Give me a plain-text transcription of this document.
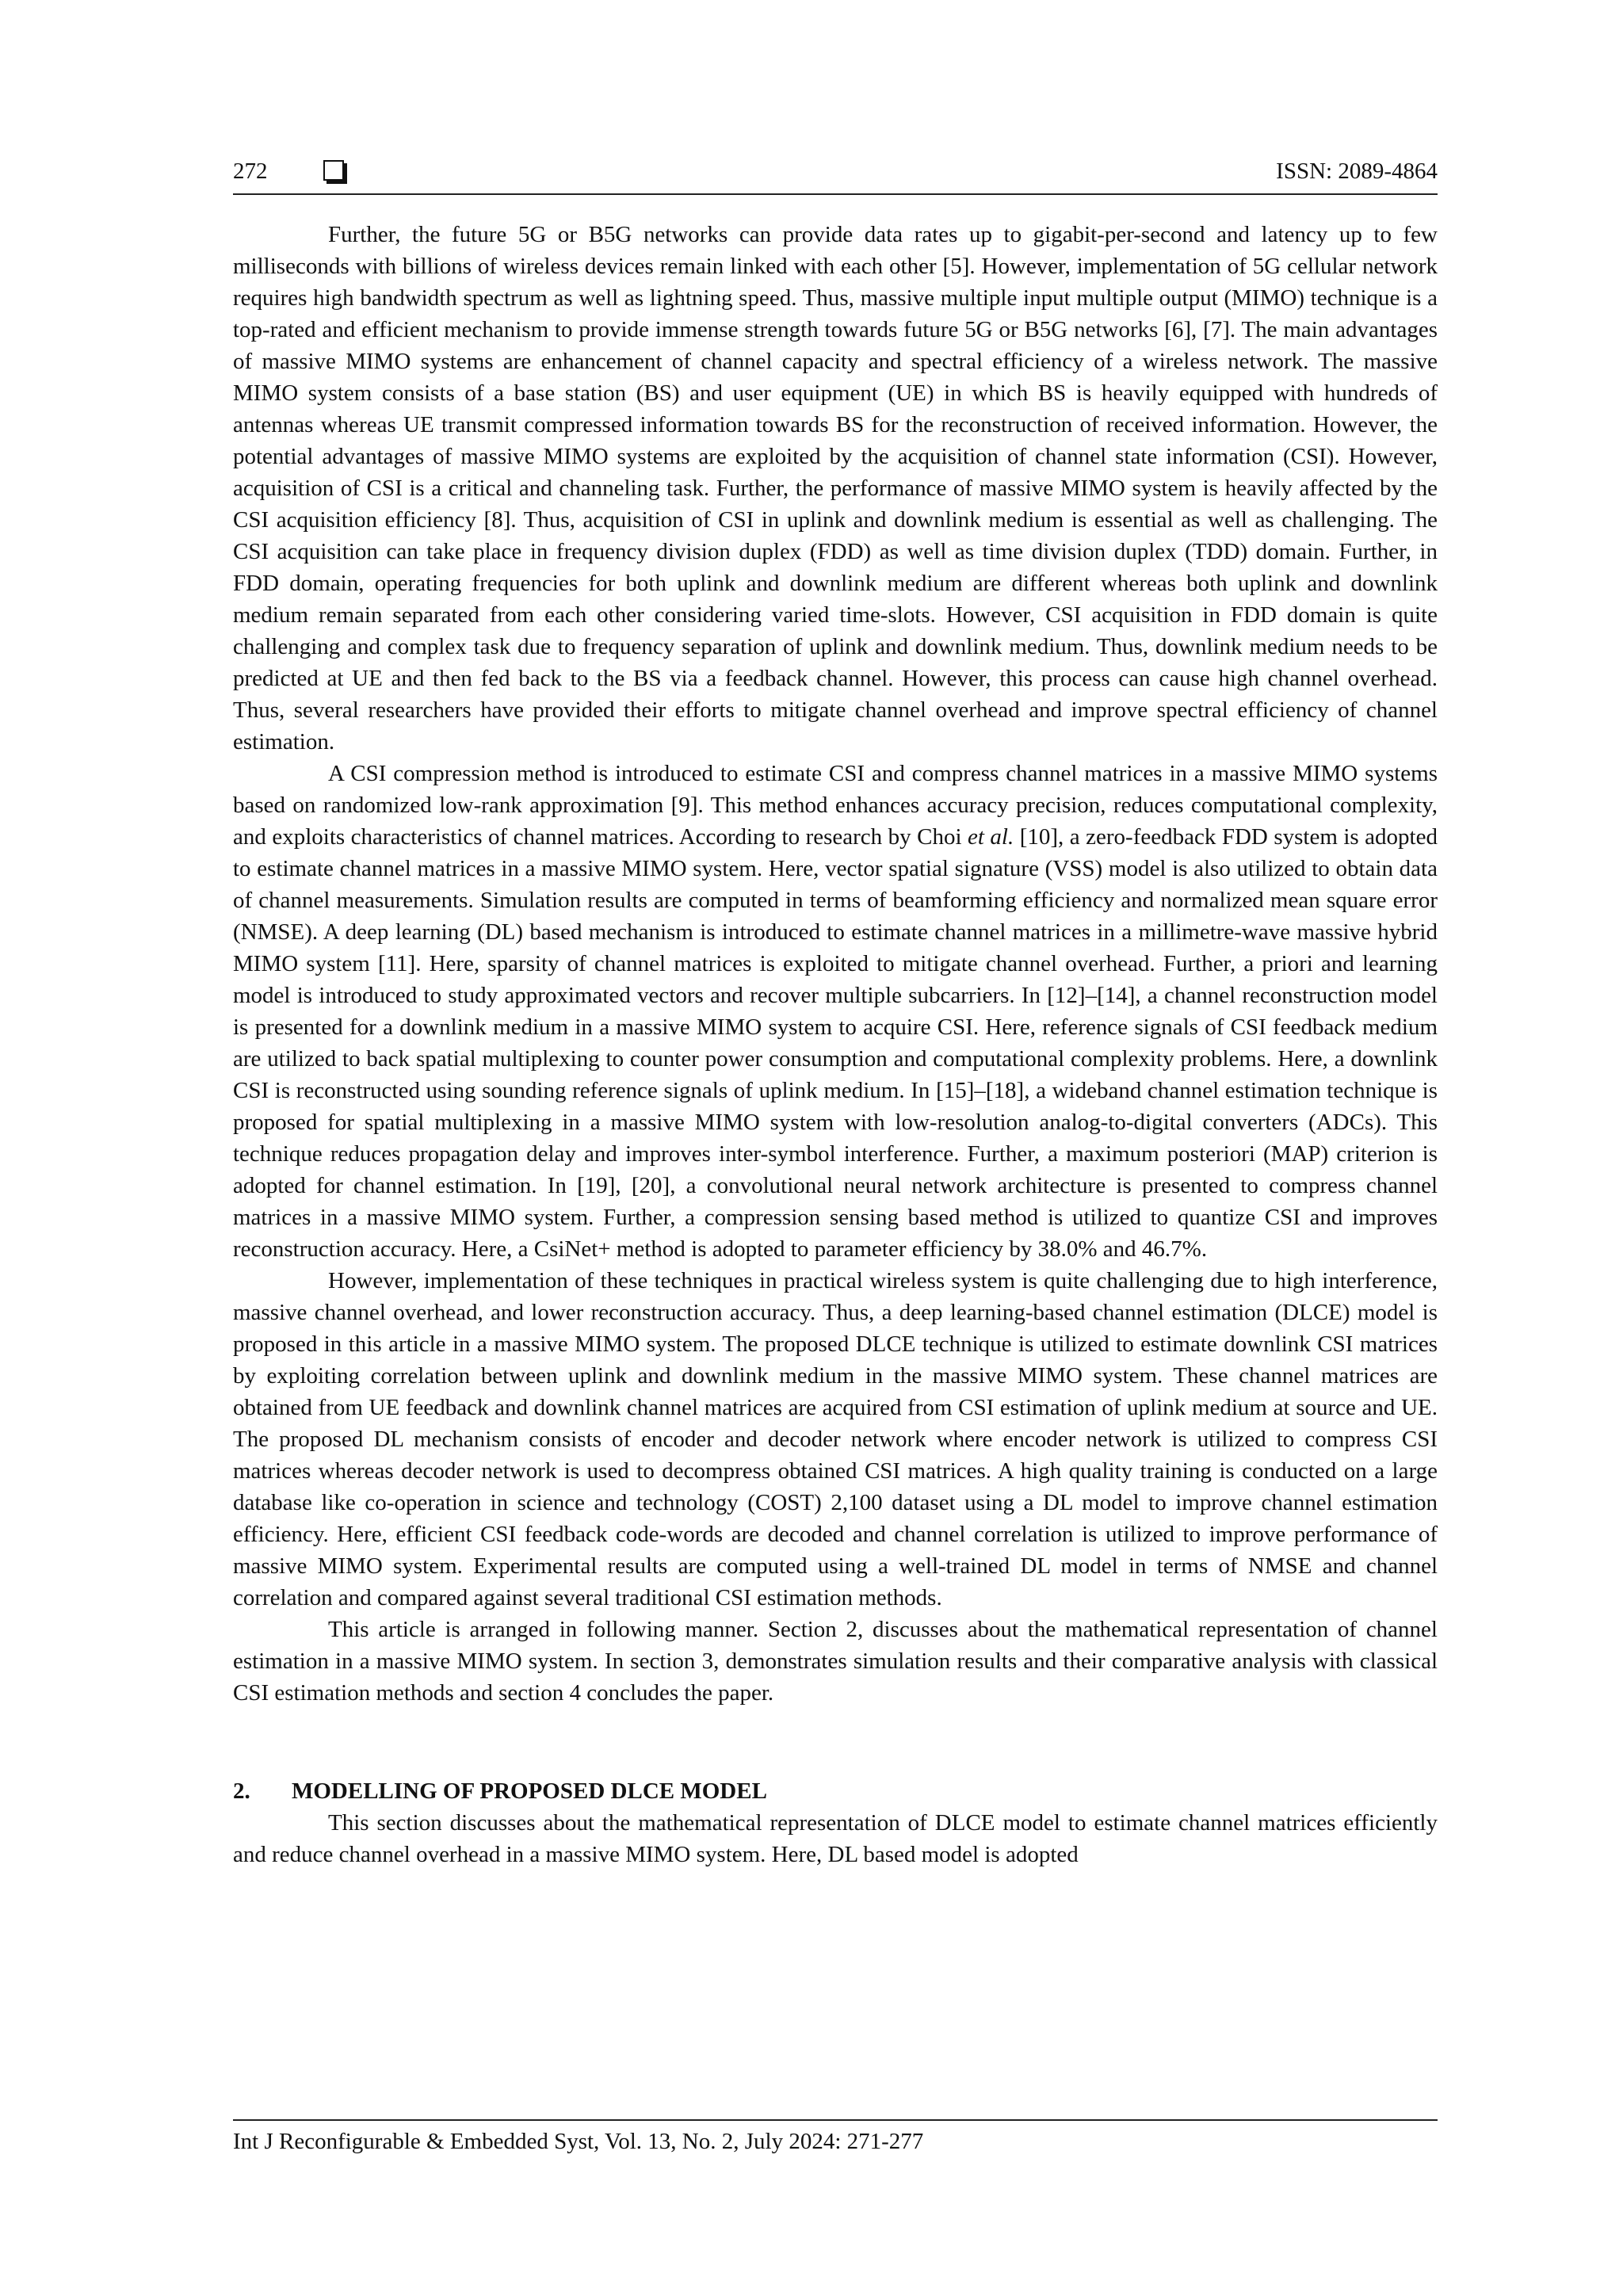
272	ISSN: 2089-4864

Further, the future 5G or B5G networks can provide data rates up to gigabit-per-second and latency up to few milliseconds with billions of wireless devices remain linked with each other [5]. However, implementation of 5G cellular network requires high bandwidth spectrum as well as lightning speed. Thus, massive multiple input multiple output (MIMO) technique is a top-rated and efficient mechanism to provide immense strength towards future 5G or B5G networks [6], [7]. The main advantages of massive MIMO systems are enhancement of channel capacity and spectral efficiency of a wireless network. The massive MIMO system consists of a base station (BS) and user equipment (UE) in which BS is heavily equipped with hundreds of antennas whereas UE transmit compressed information towards BS for the reconstruction of received information. However, the potential advantages of massive MIMO systems are exploited by the acquisition of channel state information (CSI). However, acquisition of CSI is a critical and channeling task. Further, the performance of massive MIMO system is heavily affected by the CSI acquisition efficiency [8]. Thus, acquisition of CSI in uplink and downlink medium is essential as well as challenging. The CSI acquisition can take place in frequency division duplex (FDD) as well as time division duplex (TDD) domain. Further, in FDD domain, operating frequencies for both uplink and downlink medium are different whereas both uplink and downlink medium remain separated from each other considering varied time-slots. However, CSI acquisition in FDD domain is quite challenging and complex task due to frequency separation of uplink and downlink medium. Thus, downlink medium needs to be predicted at UE and then fed back to the BS via a feedback channel. However, this process can cause high channel overhead. Thus, several researchers have provided their efforts to mitigate channel overhead and improve spectral efficiency of channel estimation.

A CSI compression method is introduced to estimate CSI and compress channel matrices in a massive MIMO systems based on randomized low-rank approximation [9]. This method enhances accuracy precision, reduces computational complexity, and exploits characteristics of channel matrices. According to research by Choi et al. [10], a zero-feedback FDD system is adopted to estimate channel matrices in a massive MIMO system. Here, vector spatial signature (VSS) model is also utilized to obtain data of channel measurements. Simulation results are computed in terms of beamforming efficiency and normalized mean square error (NMSE). A deep learning (DL) based mechanism is introduced to estimate channel matrices in a millimetre-wave massive hybrid MIMO system [11]. Here, sparsity of channel matrices is exploited to mitigate channel overhead. Further, a priori and learning model is introduced to study approximated vectors and recover multiple subcarriers. In [12]–[14], a channel reconstruction model is presented for a downlink medium in a massive MIMO system to acquire CSI. Here, reference signals of CSI feedback medium are utilized to back spatial multiplexing to counter power consumption and computational complexity problems. Here, a downlink CSI is reconstructed using sounding reference signals of uplink medium. In [15]–[18], a wideband channel estimation technique is proposed for spatial multiplexing in a massive MIMO system with low-resolution analog-to-digital converters (ADCs). This technique reduces propagation delay and improves inter-symbol interference. Further, a maximum posteriori (MAP) criterion is adopted for channel estimation. In [19], [20], a convolutional neural network architecture is presented to compress channel matrices in a massive MIMO system. Further, a compression sensing based method is utilized to quantize CSI and improves reconstruction accuracy. Here, a CsiNet+ method is adopted to parameter efficiency by 38.0% and 46.7%.

However, implementation of these techniques in practical wireless system is quite challenging due to high interference, massive channel overhead, and lower reconstruction accuracy. Thus, a deep learning-based channel estimation (DLCE) model is proposed in this article in a massive MIMO system. The proposed DLCE technique is utilized to estimate downlink CSI matrices by exploiting correlation between uplink and downlink medium in the massive MIMO system. These channel matrices are obtained from UE feedback and downlink channel matrices are acquired from CSI estimation of uplink medium at source and UE. The proposed DL mechanism consists of encoder and decoder network where encoder network is utilized to compress CSI matrices whereas decoder network is used to decompress obtained CSI matrices. A high quality training is conducted on a large database like co-operation in science and technology (COST) 2,100 dataset using a DL model to improve channel estimation efficiency. Here, efficient CSI feedback code-words are decoded and channel correlation is utilized to improve performance of massive MIMO system. Experimental results are computed using a well-trained DL model in terms of NMSE and channel correlation and compared against several traditional CSI estimation methods.

This article is arranged in following manner. Section 2, discusses about the mathematical representation of channel estimation in a massive MIMO system. In section 3, demonstrates simulation results and their comparative analysis with classical CSI estimation methods and section 4 concludes the paper.

2. MODELLING OF PROPOSED DLCE MODEL

This section discusses about the mathematical representation of DLCE model to estimate channel matrices efficiently and reduce channel overhead in a massive MIMO system. Here, DL based model is adopted

Int J Reconfigurable & Embedded Syst, Vol. 13, No. 2, July 2024: 271-277
